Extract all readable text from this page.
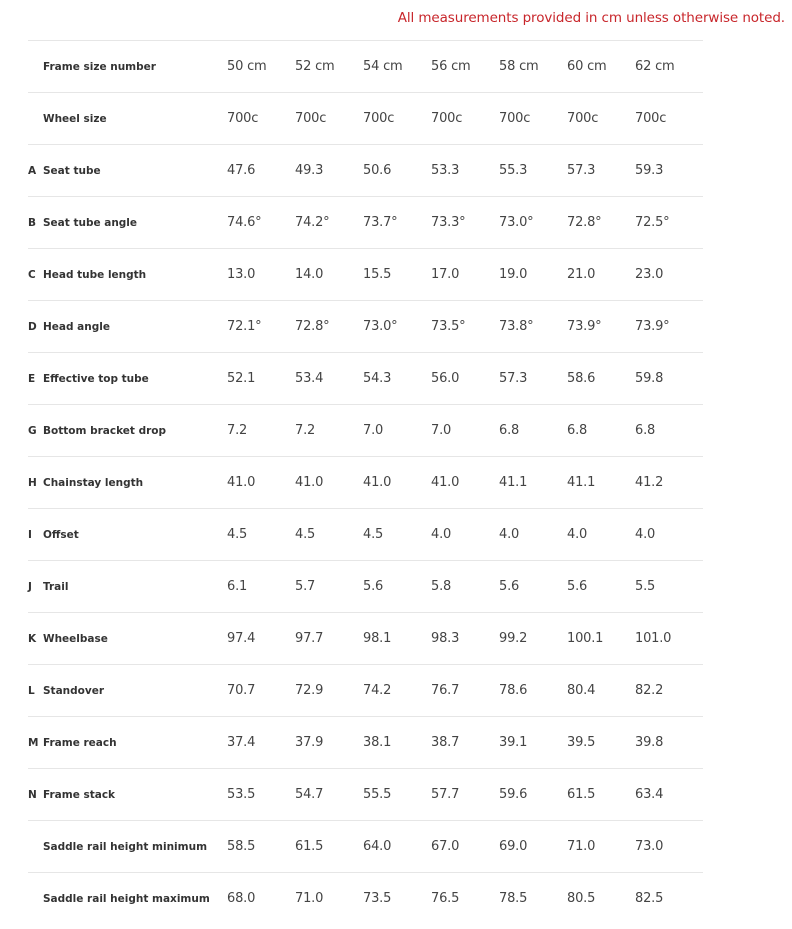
All measurements provided in cm unless otherwise noted.
	Frame size number	50 cm	52 cm	54 cm	56 cm	58 cm	60 cm	62 cm
	Wheel size	700c	700c	700c	700c	700c	700c	700c
A	Seat tube	47.6	49.3	50.6	53.3	55.3	57.3	59.3
B	Seat tube angle	74.6°	74.2°	73.7°	73.3°	73.0°	72.8°	72.5°
C	Head tube length	13.0	14.0	15.5	17.0	19.0	21.0	23.0
D	Head angle	72.1°	72.8°	73.0°	73.5°	73.8°	73.9°	73.9°
E	Effective top tube	52.1	53.4	54.3	56.0	57.3	58.6	59.8
G	Bottom bracket drop	7.2	7.2	7.0	7.0	6.8	6.8	6.8
H	Chainstay length	41.0	41.0	41.0	41.0	41.1	41.1	41.2
I	Offset	4.5	4.5	4.5	4.0	4.0	4.0	4.0
J	Trail	6.1	5.7	5.6	5.8	5.6	5.6	5.5
K	Wheelbase	97.4	97.7	98.1	98.3	99.2	100.1	101.0
L	Standover	70.7	72.9	74.2	76.7	78.6	80.4	82.2
M	Frame reach	37.4	37.9	38.1	38.7	39.1	39.5	39.8
N	Frame stack	53.5	54.7	55.5	57.7	59.6	61.5	63.4
	Saddle rail height minimum	58.5	61.5	64.0	67.0	69.0	71.0	73.0
	Saddle rail height maximum	68.0	71.0	73.5	76.5	78.5	80.5	82.5
